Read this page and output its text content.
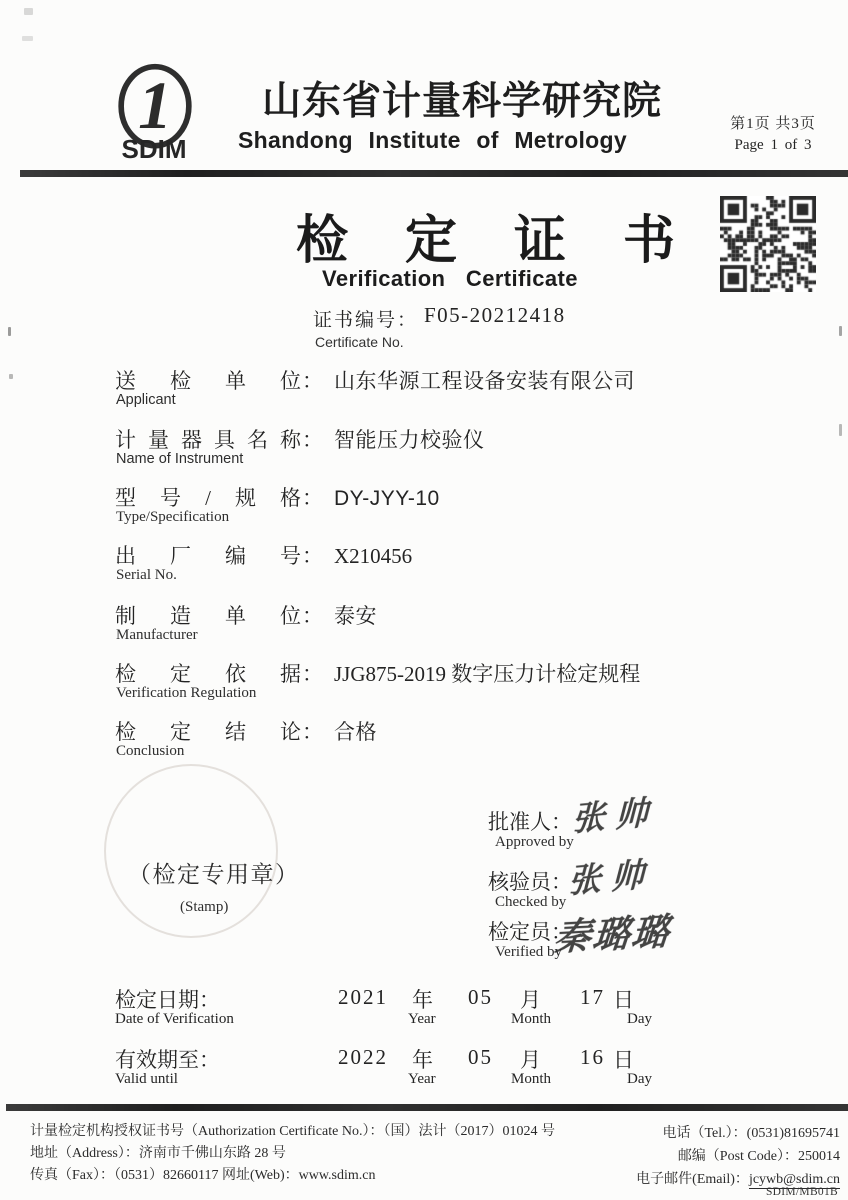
1
SDIM
山东省计量科学研究院
Shandong Institute of Metrology
第1页 共3页
Page 1 of 3
检 定 证 书
Verification Certificate
证书编号： F05-20212418
Certificate No.
送检单位： 山东华源工程设备安装有限公司
Applicant
计量器具名称： 智能压力校验仪
Name of Instrument
型号/规格： DY-JYY-10
Type/Specification
出厂编号： X210456
Serial No.
制造单位： 泰安
Manufacturer
检定依据： JJG875-2019 数字压力计检定规程
Verification Regulation
检定结论： 合格
Conclusion
（检定专用章）
(Stamp)
批准人： 张帅
Approved by
核验员：
张帅
Checked by
检定员：
秦璐璐
Verified by
检定日期：
Date of Verification
2021 年
Year
05 月
Month
17 日
Day
有效期至：
Valid until
2022 年
Year
05 月
Month
16 日
Day
计量检定机构授权证书号（Authorization Certificate No.）：（国）法计（2017）01024 号
地址（Address）：济南市千佛山东路 28 号
传真（Fax）：（0531）82660117 网址(Web)：www.sdim.cn
电话（Tel.）：(0531)81695741
邮编（Post Code）：250014
电子邮件(Email)：jcywb@sdim.cn
SDIM/MB01B
